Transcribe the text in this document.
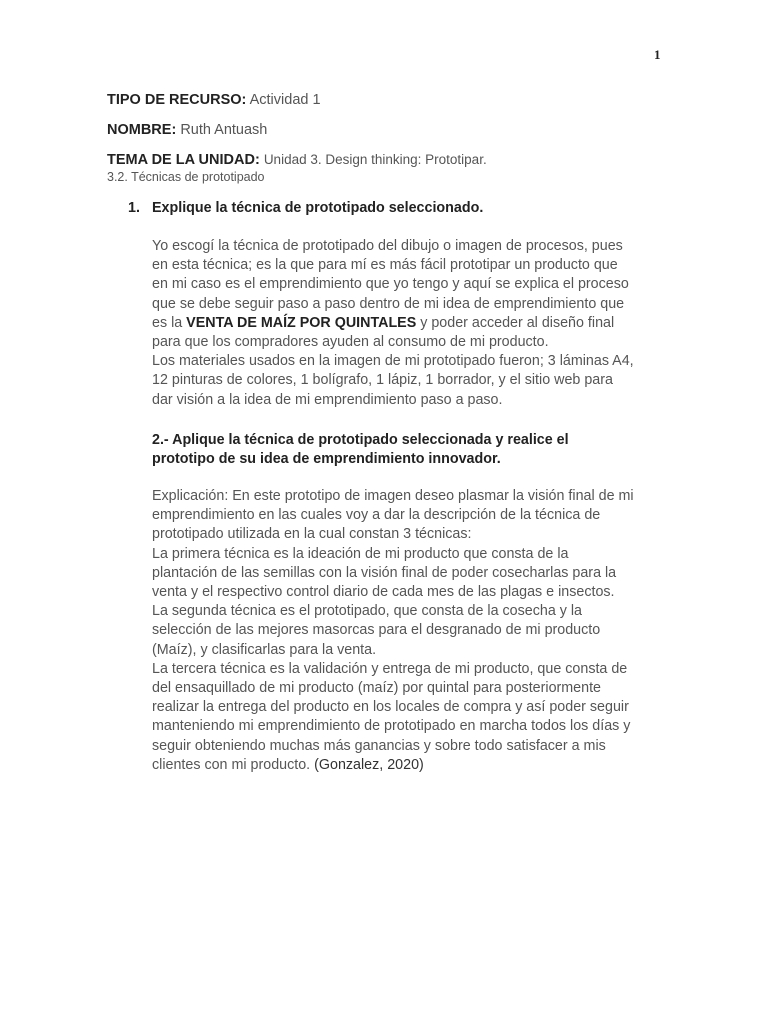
1
TIPO DE RECURSO: Actividad 1
NOMBRE: Ruth Antuash
TEMA DE LA UNIDAD: Unidad 3. Design thinking: Prototipar.
3.2. Técnicas de prototipado
1. Explique la técnica de prototipado seleccionado.
Yo escogí la técnica de prototipado del dibujo o imagen de procesos, pues
en esta técnica; es la que para mí es más fácil prototipar un producto que
en mi caso es el emprendimiento que yo tengo y aquí se explica el proceso
que se debe seguir paso a paso dentro de mi idea de emprendimiento que
es la VENTA DE MAÍZ POR QUINTALES y poder acceder al diseño final
para que los compradores ayuden al consumo de mi producto.
Los materiales usados en la imagen de mi prototipado fueron; 3 láminas A4,
12 pinturas de colores, 1 bolígrafo, 1 lápiz, 1 borrador, y el sitio web para
dar visión a la idea de mi emprendimiento paso a paso.
2.- Aplique la técnica de prototipado seleccionada y realice el
prototipo de su idea de emprendimiento innovador.
Explicación: En este prototipo de imagen deseo plasmar la visión final de mi
emprendimiento en las cuales voy a dar la descripción de la técnica de
prototipado utilizada en la cual constan 3 técnicas:
La primera técnica es la ideación de mi producto que consta de la
plantación de las semillas con la visión final de poder cosecharlas para la
venta y el respectivo control diario de cada mes de las plagas e insectos.
La segunda técnica es el prototipado, que consta de la cosecha y la
selección de las mejores masorcas para el desgranado de mi producto
(Maíz), y clasificarlas para la venta.
La tercera técnica es la validación y entrega de mi producto, que consta de
del ensaquillado de mi producto (maíz) por quintal para posteriormente
realizar la entrega del producto en los locales de compra y así poder seguir
manteniendo mi emprendimiento de prototipado en marcha todos los días y
seguir obteniendo muchas más ganancias y sobre todo satisfacer a mis
clientes con mi producto. (Gonzalez, 2020)
